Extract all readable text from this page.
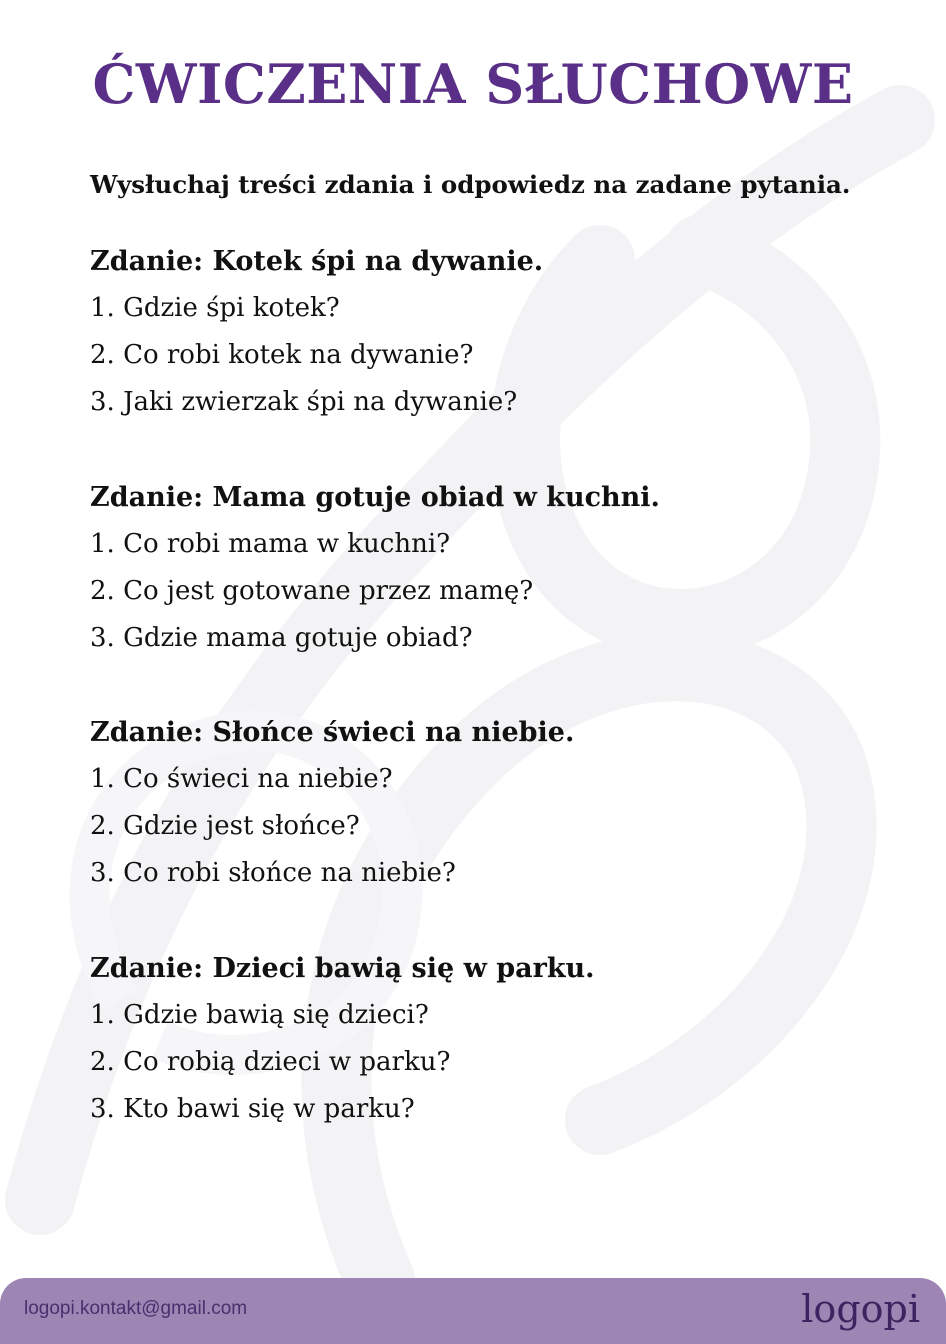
ĆWICZENIA SŁUCHOWE

Wysłuchaj treści zdania i odpowiedz na zadane pytania.

Zdanie: Kotek śpi na dywanie.

1. Gdzie śpi kotek?

2. Co robi kotek na dywanie?

3. Jaki zwierzak śpi na dywanie?

Zdanie: Mama gotuje obiad w kuchni.

1. Co robi mama w kuchni?

2. Co jest gotowane przez mamę?

3. Gdzie mama gotuje obiad?

Zdanie: Słońce świeci na niebie.

1. Co świeci na niebie?

2. Gdzie jest słońce?

3. Co robi słońce na niebie?

Zdanie: Dzieci bawią się w parku.

1. Gdzie bawią się dzieci?

2. Co robią dzieci w parku?

3. Kto bawi się w parku?

logopi.kontakt@gmail.com	logopi
